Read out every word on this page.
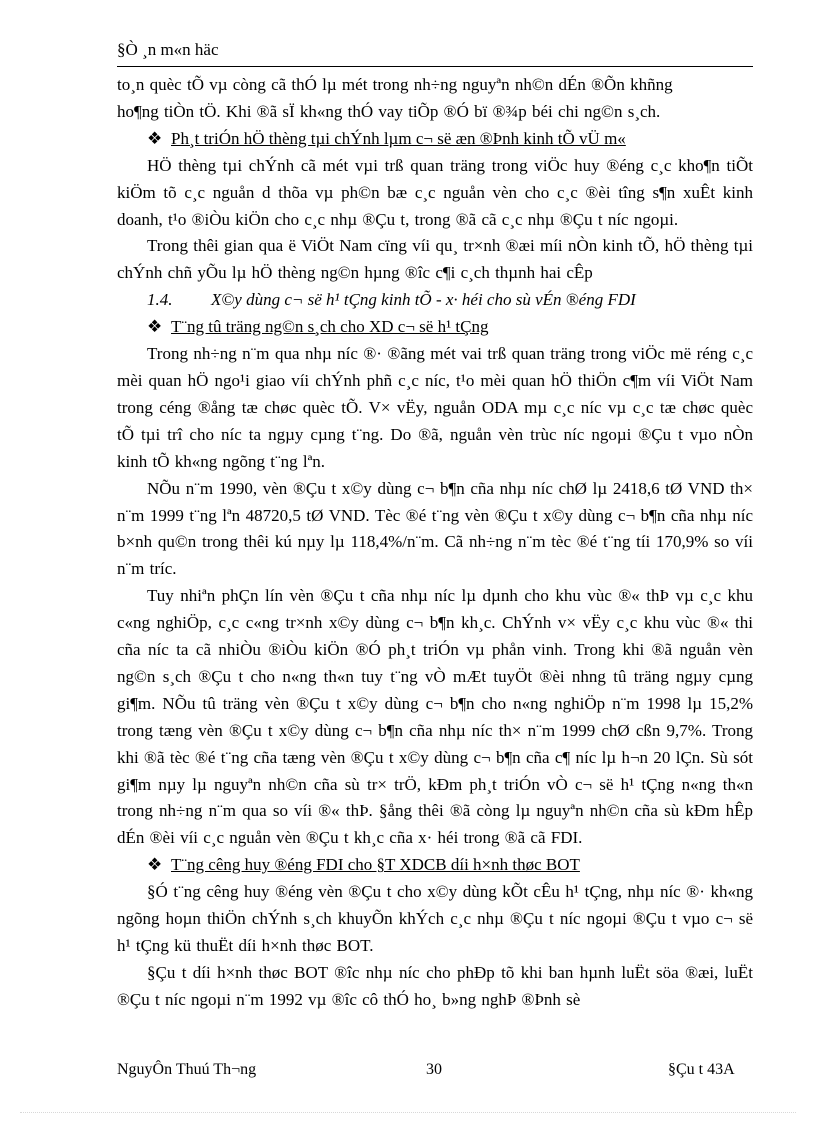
§Ò ¸n m«n häc

to¸n quèc tÕ vµ còng cã thÓ lµ mét trong nh÷ng nguyªn nh©n dÉn ®Õn khñng

ho¶ng tiÒn tÖ. Khi ®ã sÏ kh«ng thÓ vay tiÕp ®Ó bï ®¾p béi chi ng©n s¸ch.

❖ Ph¸t triÓn hÖ thèng tµi chÝnh lµm c¬ së æn ®Þnh kinh tÕ vÜ m«

HÖ thèng tµi chÝnh cã mét vµi trß quan träng trong viÖc huy ®éng c¸c kho¶n tiÕt kiÖm tõ c¸c nguån d thõa vµ ph©n bæ c¸c nguån vèn cho c¸c ®èi tîng s¶n xuÊt kinh doanh, t¹o ®iÒu kiÖn cho c¸c nhµ ®Çu t, trong ®ã cã c¸c nhµ ®Çu t níc ngoµi.

Trong thêi gian qua ë ViÖt Nam cïng víi qu¸ tr×nh ®æi míi nÒn kinh tÕ, hÖ thèng tµi chÝnh chñ yÕu lµ hÖ thèng ng©n hµng ®îc c¶i c¸ch thµnh hai cÊp

1.4. X©y dùng c¬ së h¹ tÇng kinh tÕ - x· héi cho sù vÉn ®éng FDI
❖ T¨ng tû träng ng©n s¸ch cho XD c¬ së h¹ tÇng

Trong nh÷ng n¨m qua nhµ níc ®· ®ãng mét vai trß quan träng trong viÖc më réng c¸c mèi quan hÖ ngo¹i giao víi chÝnh phñ c¸c níc, t¹o mèi quan hÖ thiÖn c¶m víi ViÖt Nam trong céng ®ång tæ chøc quèc tÕ. V× vËy, nguån ODA mµ c¸c níc vµ c¸c tæ chøc quèc tÕ tµi trî cho níc ta ngµy cµng t¨ng. Do ®ã, nguån vèn trùc níc ngoµi ®Çu t vµo nÒn kinh tÕ kh«ng ngõng t¨ng lªn.

NÕu n¨m 1990, vèn ®Çu t x©y dùng c¬ b¶n cña nhµ níc chØ lµ 2418,6 tØ VND th× n¨m 1999 t¨ng lªn 48720,5 tØ VND. Tèc ®é t¨ng vèn ®Çu t x©y dùng c¬ b¶n cña nhµ níc b×nh qu©n trong thêi kú nµy lµ 118,4%/n¨m. Cã nh÷ng n¨m tèc ®é t¨ng tíi 170,9% so víi n¨m tríc.

Tuy nhiªn phÇn lín vèn ®Çu t cña nhµ níc lµ dµnh cho khu vùc ®« thÞ vµ c¸c khu c«ng nghiÖp, c¸c c«ng tr×nh x©y dùng c¬ b¶n kh¸c. ChÝnh v× vËy c¸c khu vùc ®« thi cña níc ta cã nhiÒu ®iÒu kiÖn ®Ó ph¸t triÓn vµ phån vinh. Trong khi ®ã nguån vèn ng©n s¸ch ®Çu t cho n«ng th«n tuy t¨ng vÒ mÆt tuyÖt ®èi nhng tû träng ngµy cµng gi¶m. NÕu tû träng vèn ®Çu t x©y dùng c¬ b¶n cho n«ng nghiÖp n¨m 1998 lµ 15,2% trong tæng vèn ®Çu t x©y dùng c¬ b¶n cña nhµ níc th× n¨m 1999 chØ cßn 9,7%. Trong khi ®ã tèc ®é t¨ng cña tæng vèn ®Çu t x©y dùng c¬ b¶n cña c¶ níc lµ h¬n 20 lÇn. Sù sót gi¶m nµy lµ nguyªn nh©n cña sù tr× trÖ, kÐm ph¸t triÓn vÒ c¬ së h¹ tÇng n«ng th«n trong nh÷ng n¨m qua so víi ®« thÞ. §ång thêi ®ã còng lµ nguyªn nh©n cña sù kÐm hÊp dÉn ®èi víi c¸c nguån vèn ®Çu t kh¸c cña x· héi trong ®ã cã FDI.

❖ T¨ng cêng huy ®éng FDI cho §T XDCB díi h×nh thøc BOT

§Ó t¨ng cêng huy ®éng vèn ®Çu t cho x©y dùng kÕt cÊu h¹ tÇng, nhµ níc ®· kh«ng ngõng hoµn thiÖn chÝnh s¸ch khuyÕn khÝch c¸c nhµ ®Çu t níc ngoµi ®Çu t vµo c¬ së h¹ tÇng kü thuËt díi h×nh thøc BOT.

§Çu t díi h×nh thøc BOT ®îc nhµ níc cho phÐp tõ khi ban hµnh luËt söa ®æi, luËt ®Çu t níc ngoµi n¨m 1992 vµ ®îc cô thÓ ho¸ b»ng nghÞ ®Þnh sè

NguyÔn Thuú Th¬ng	30	§Çu t 43A
